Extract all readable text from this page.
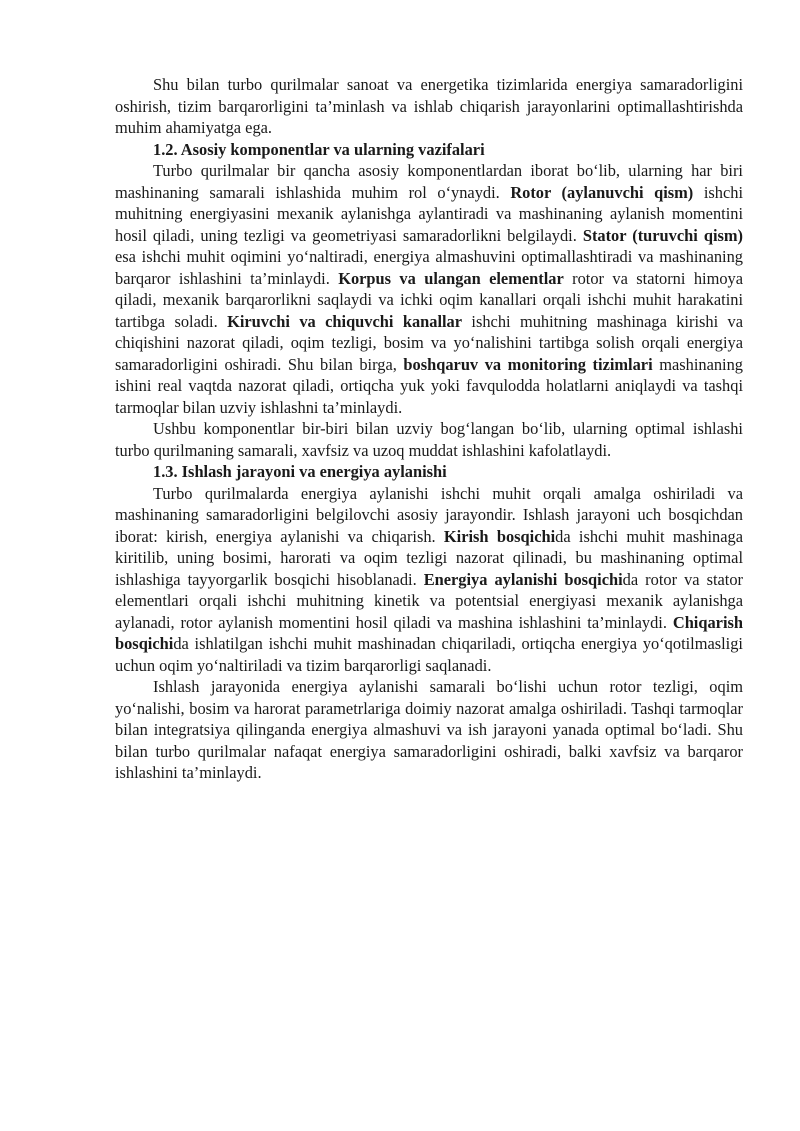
Shu bilan turbo qurilmalar sanoat va energetika tizimlarida energiya samaradorligini oshirish, tizim barqarorligini ta’minlash va ishlab chiqarish jarayonlarini optimallashtirishda muhim ahamiyatga ega.

1.2. Asosiy komponentlar va ularning vazifalari

Turbo qurilmalar bir qancha asosiy komponentlardan iborat bo‘lib, ularning har biri mashinaning samarali ishlashida muhim rol o‘ynaydi. Rotor (aylanuvchi qism) ishchi muhitning energiyasini mexanik aylanishga aylantiradi va mashinaning aylanish momentini hosil qiladi, uning tezligi va geometriyasi samaradorlikni belgilaydi. Stator (turuvchi qism) esa ishchi muhit oqimini yo‘naltiradi, energiya almashuvini optimallashtiradi va mashinaning barqaror ishlashini ta’minlaydi. Korpus va ulangan elementlar rotor va statorni himoya qiladi, mexanik barqarorlikni saqlaydi va ichki oqim kanallari orqali ishchi muhit harakatini tartibga soladi. Kiruvchi va chiquvchi kanallar ishchi muhitning mashinaga kirishi va chiqishini nazorat qiladi, oqim tezligi, bosim va yo‘nalishini tartibga solish orqali energiya samaradorligini oshiradi. Shu bilan birga, boshqaruv va monitoring tizimlari mashinaning ishini real vaqtda nazorat qiladi, ortiqcha yuk yoki favqulodda holatlarni aniqlaydi va tashqi tarmoqlar bilan uzviy ishlashni ta’minlaydi.

Ushbu komponentlar bir-biri bilan uzviy bog‘langan bo‘lib, ularning optimal ishlashi turbo qurilmaning samarali, xavfsiz va uzoq muddat ishlashini kafolatlaydi.

1.3. Ishlash jarayoni va energiya aylanishi

Turbo qurilmalarda energiya aylanishi ishchi muhit orqali amalga oshiriladi va mashinaning samaradorligini belgilovchi asosiy jarayondir. Ishlash jarayoni uch bosqichdan iborat: kirish, energiya aylanishi va chiqarish. Kirish bosqichida ishchi muhit mashinaga kiritilib, uning bosimi, harorati va oqim tezligi nazorat qilinadi, bu mashinaning optimal ishlashiga tayyorgarlik bosqichi hisoblanadi. Energiya aylanishi bosqichida rotor va stator elementlari orqali ishchi muhitning kinetik va potentsial energiyasi mexanik aylanishga aylanadi, rotor aylanish momentini hosil qiladi va mashina ishlashini ta’minlaydi. Chiqarish bosqichida ishlatilgan ishchi muhit mashinadan chiqariladi, ortiqcha energiya yo‘qotilmasligi uchun oqim yo‘naltiriladi va tizim barqarorligi saqlanadi.

Ishlash jarayonida energiya aylanishi samarali bo‘lishi uchun rotor tezligi, oqim yo‘nalishi, bosim va harorat parametrlariga doimiy nazorat amalga oshiriladi. Tashqi tarmoqlar bilan integratsiya qilinganda energiya almashuvi va ish jarayoni yanada optimal bo‘ladi. Shu bilan turbo qurilmalar nafaqat energiya samaradorligini oshiradi, balki xavfsiz va barqaror ishlashini ta’minlaydi.
